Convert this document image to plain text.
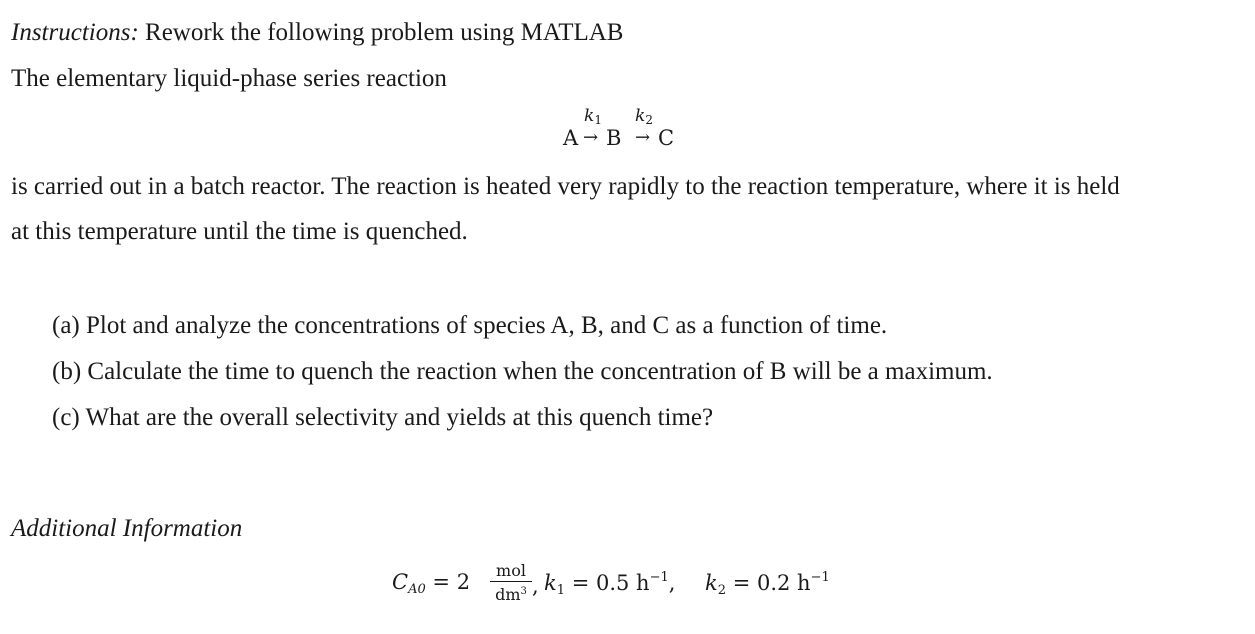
Instructions: Rework the following problem using MATLAB
The elementary liquid-phase series reaction
A
$k_1$
→ B
$k_2$
→ C
is carried out in a batch reactor. The reaction is heated very rapidly to the reaction temperature, where it is held
at this temperature until the time is quenched.
(a) Plot and analyze the concentrations of species A, B, and C as a function of time.
(b) Calculate the time to quench the reaction when the concentration of B will be a maximum.
(c) What are the overall selectivity and yields at this quench time?
Additional Information
$C_{A0} = 2$	mol
$dm^3$ , $k_1 = 0.5$ $h^{-1}$, $k_2 = 0.2$ $h^{-1}$
